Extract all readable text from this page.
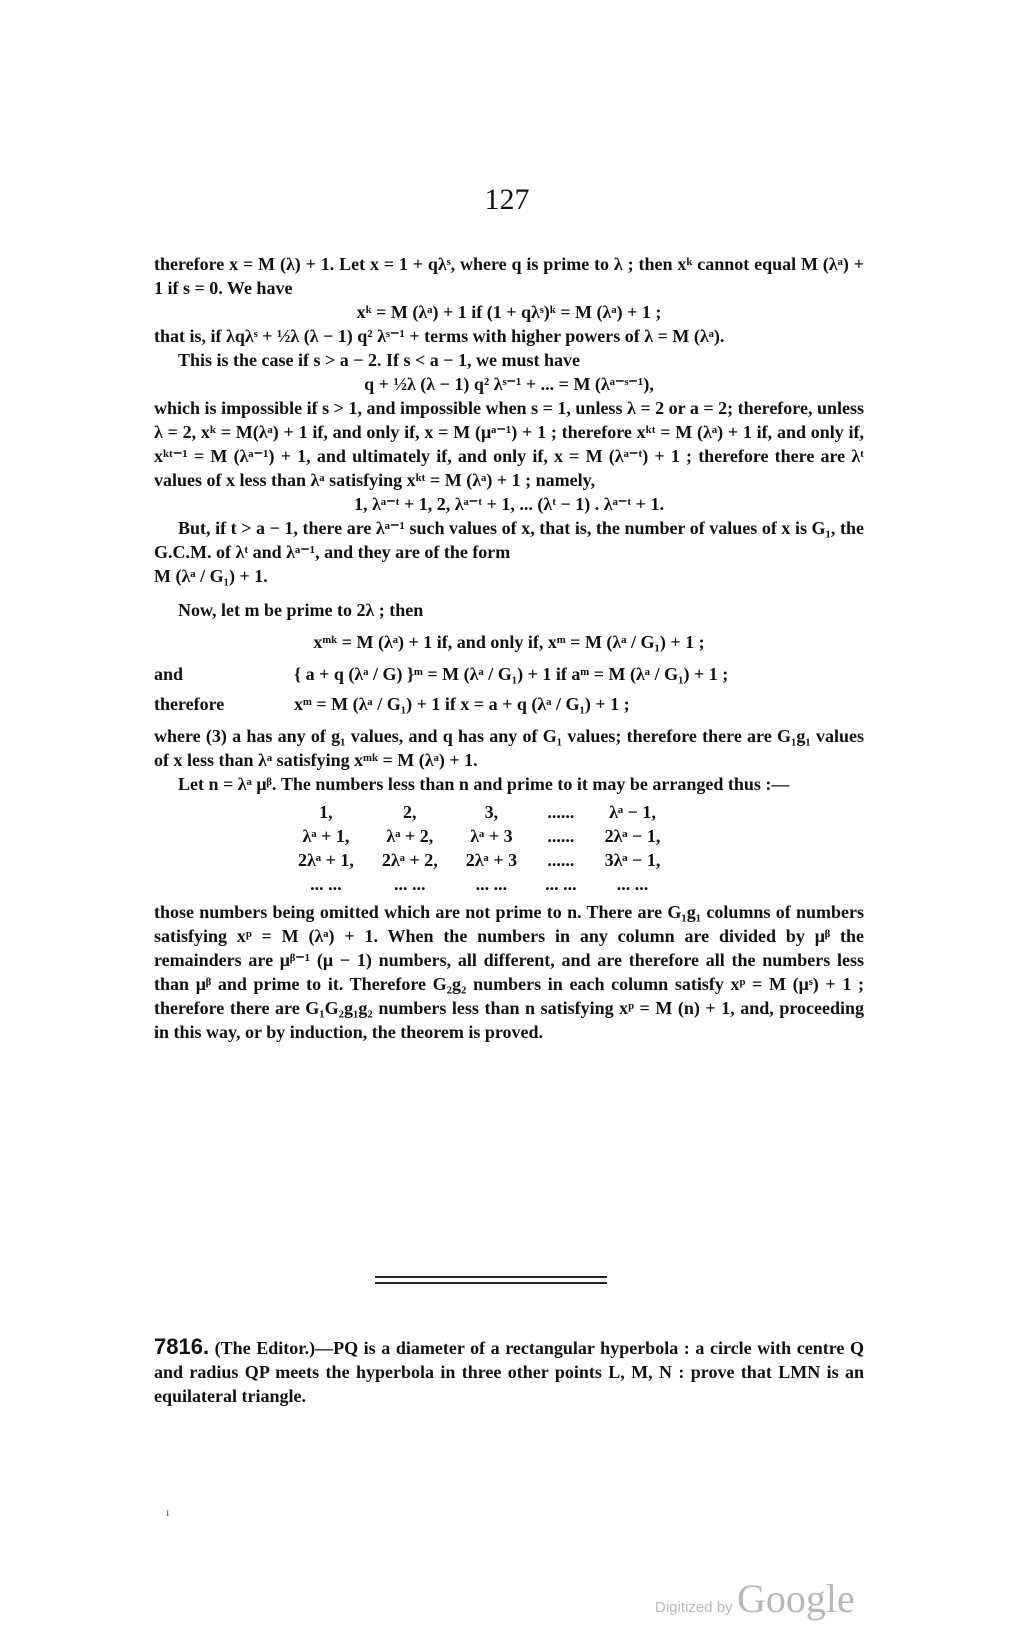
127

therefore x = M (λ) + 1. Let x = 1 + qλˢ, where q is prime to λ ; then xᵏ cannot equal M (λᵃ) + 1 if s = 0. We have

xᵏ = M (λᵃ) + 1 if (1 + qλˢ)ᵏ = M (λᵃ) + 1 ;

that is, if λqλˢ + ½λ (λ − 1) q² λˢ⁻¹ + terms with higher powers of λ = M (λᵃ).

This is the case if s > a − 2. If s < a − 1, we must have

q + ½λ (λ − 1) q² λˢ⁻¹ + ... = M (λᵃ⁻ˢ⁻¹),

which is impossible if s > 1, and impossible when s = 1, unless λ = 2 or a = 2; therefore, unless λ = 2, xᵏ = M(λᵃ) + 1 if, and only if, x = M (μᵃ⁻¹) + 1 ; therefore xᵏᵗ = M (λᵃ) + 1 if, and only if, xᵏᵗ⁻¹ = M (λᵃ⁻¹) + 1, and ultimately if, and only if, x = M (λᵃ⁻ᵗ) + 1 ; therefore there are λᵗ values of x less than λᵃ satisfying xᵏᵗ = M (λᵃ) + 1 ; namely,

1, λᵃ⁻ᵗ + 1, 2, λᵃ⁻ᵗ + 1, ... (λᵗ − 1) . λᵃ⁻ᵗ + 1.

But, if t > a − 1, there are λᵃ⁻¹ such values of x, that is, the number of values of x is G₁, the G.C.M. of λᵗ and λᵃ⁻¹, and they are of the form

M (λᵃ / G₁) + 1.

Now, let m be prime to 2λ ; then

xᵐᵏ = M (λᵃ) + 1 if, and only if, xᵐ = M (λᵃ / G₁) + 1 ;
and	{ a + q (λᵃ / G) }ᵐ = M (λᵃ / G₁) + 1 if aᵐ = M (λᵃ / G₁) + 1 ;
therefore	xᵐ = M (λᵃ / G₁) + 1 if x = a + q (λᵃ / G₁) + 1 ;

where (3) a has any of g₁ values, and q has any of G₁ values; therefore there are G₁g₁ values of x less than λᵃ satisfying xᵐᵏ = M (λᵃ) + 1.

Let n = λᵃ μᵝ. The numbers less than n and prime to it may be arranged thus :—

1,	2,	3,	......	λᵃ − 1,
λᵃ + 1,	λᵃ + 2,	λᵃ + 3	......	2λᵃ − 1,
2λᵃ + 1,	2λᵃ + 2,	2λᵃ + 3	......	3λᵃ − 1,
... ...	... ...	... ...	... ...	... ...

those numbers being omitted which are not prime to n. There are G₁g₁ columns of numbers satisfying xᵖ = M (λᵃ) + 1. When the numbers in any column are divided by μᵝ the remainders are μᵝ⁻¹ (μ − 1) numbers, all different, and are therefore all the numbers less than μᵝ and prime to it. Therefore G₂g₂ numbers in each column satisfy xᵖ = M (μˢ) + 1 ; therefore there are G₁G₂g₁g₂ numbers less than n satisfying xᵖ = M (n) + 1, and, proceeding in this way, or by induction, the theorem is proved.

7816. (The Editor.)—PQ is a diameter of a rectangular hyperbola : a circle with centre Q and radius QP meets the hyperbola in three other points L, M, N : prove that LMN is an equilateral triangle.
ı
Digitized by Google
